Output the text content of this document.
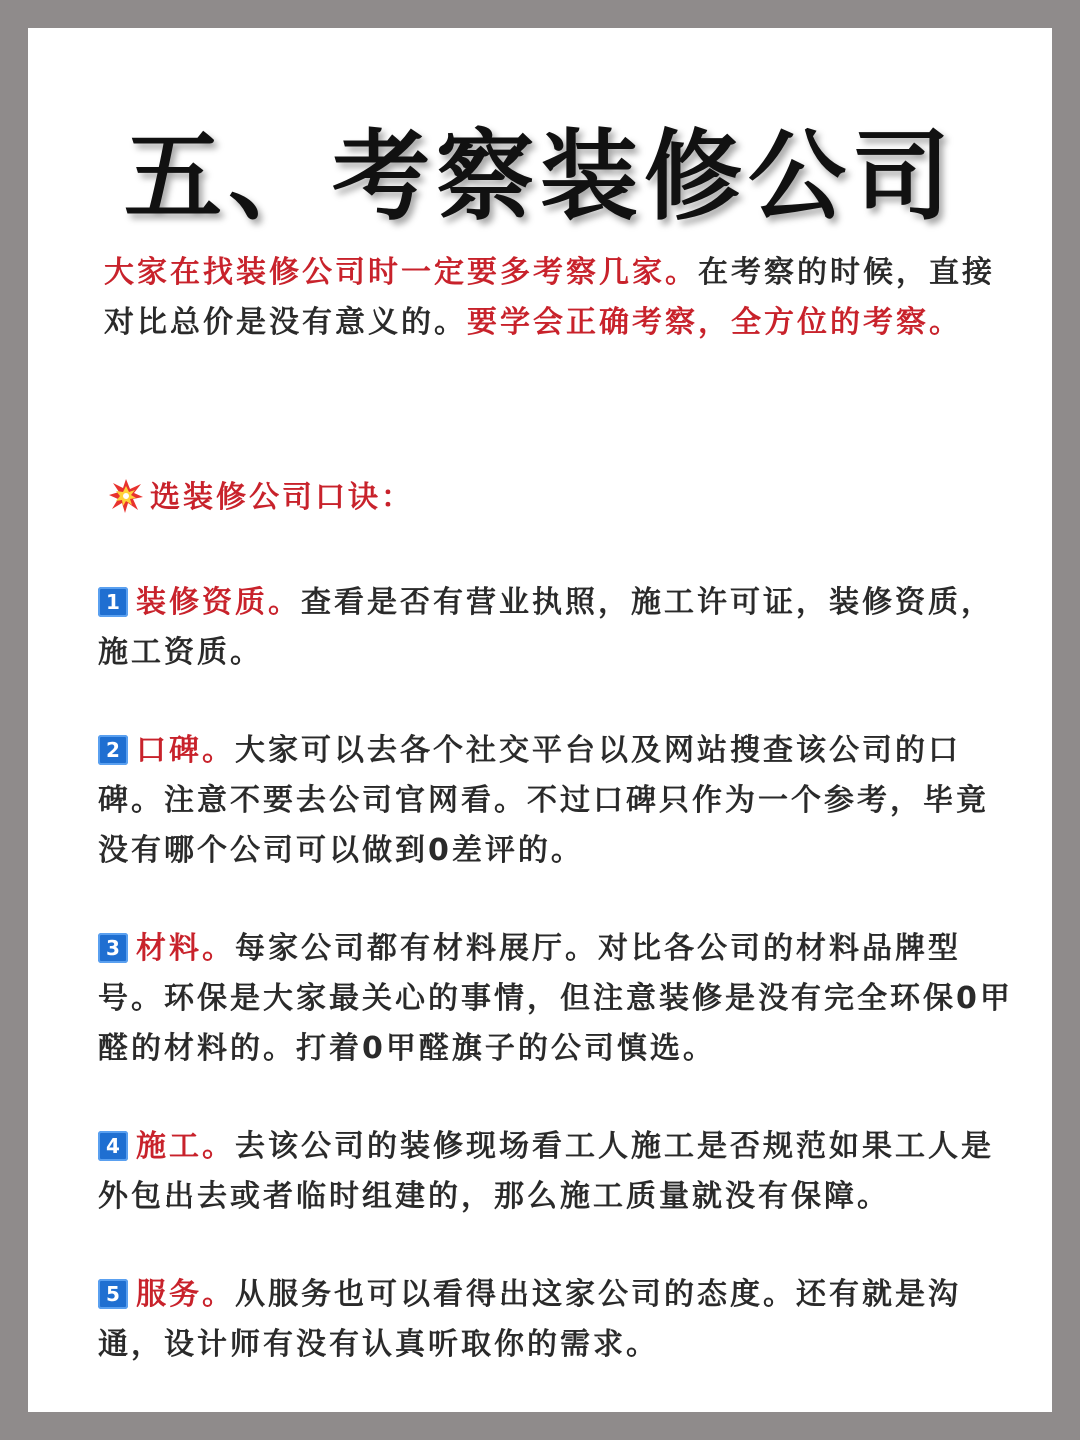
五、考察装修公司
大家在找装修公司时一定要多考察几家。在考察的时候，直接对比总价是没有意义的。要学会正确考察，全方位的考察。
选装修公司口诀：
1 装修资质。查看是否有营业执照，施工许可证，装修资质，施工资质。
2 口碑。大家可以去各个社交平台以及网站搜查该公司的口碑。注意不要去公司官网看。不过口碑只作为一个参考，毕竟没有哪个公司可以做到0差评的。
3 材料。每家公司都有材料展厅。对比各公司的材料品牌型号。环保是大家最关心的事情，但注意装修是没有完全环保0甲醛的材料的。打着0甲醛旗子的公司慎选。
4 施工。去该公司的装修现场看工人施工是否规范如果工人是外包出去或者临时组建的，那么施工质量就没有保障。
5 服务。从服务也可以看得出这家公司的态度。还有就是沟通，设计师有没有认真听取你的需求。
